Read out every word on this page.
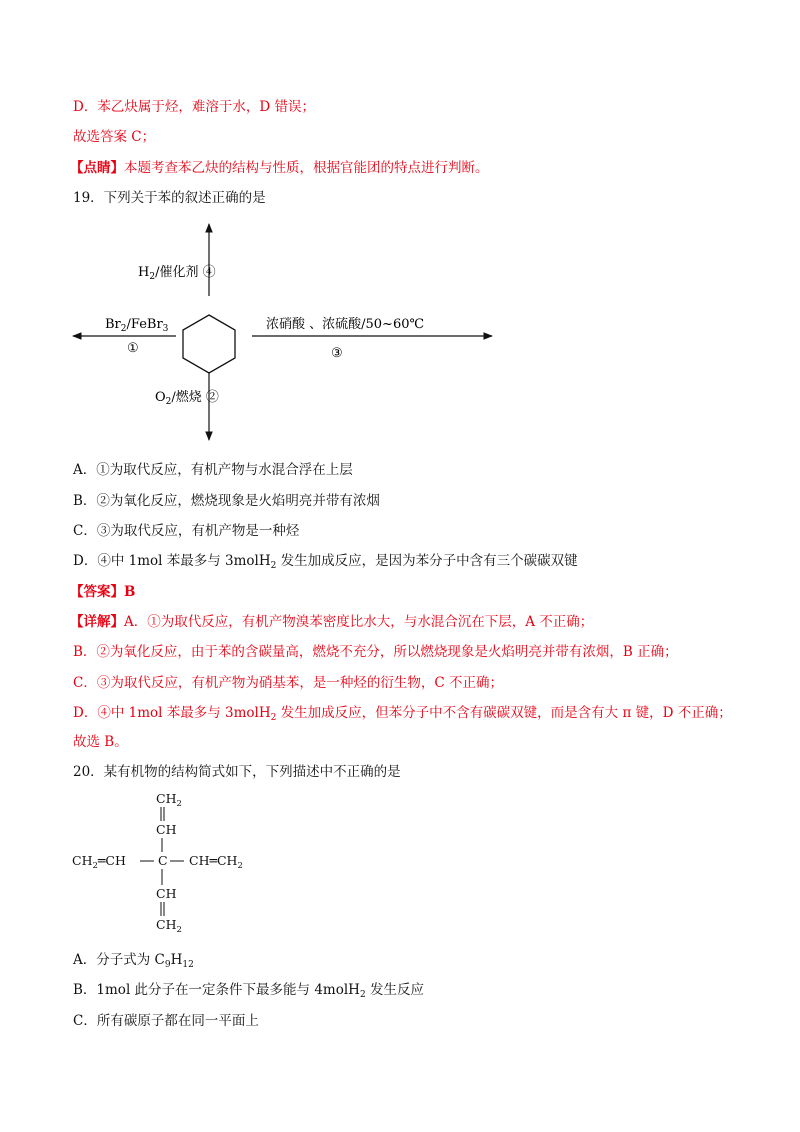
D．苯乙炔属于烃，难溶于水，D 错误；
故选答案 C；
【点睛】本题考查苯乙炔的结构与性质，根据官能团的特点进行判断。
19．下列关于苯的叙述正确的是
$H_2/$催化剂 ④
$Br_2/FeBr_3$
①
浓硝酸 、浓硫酸/50~60℃
③
$O_2/$燃烧 ②
A．①为取代反应，有机产物与水混合浮在上层
B．②为氧化反应，燃烧现象是火焰明亮并带有浓烟
C．③为取代反应，有机产物是一种烃
D．④中 1mol 苯最多与 3molH$_2$ 发生加成反应，是因为苯分子中含有三个碳碳双键
【答案】B
【详解】A．①为取代反应，有机产物溴苯密度比水大，与水混合沉在下层，A 不正确；
B．②为氧化反应，由于苯的含碳量高，燃烧不充分，所以燃烧现象是火焰明亮并带有浓烟，B 正确；
C．③为取代反应，有机产物为硝基苯，是一种烃的衍生物，C 不正确；
D．④中 1mol 苯最多与 3molH$_2$ 发生加成反应，但苯分子中不含有碳碳双键，而是含有大 π 键，D 不正确；
故选 B。
20．某有机物的结构简式如下，下列描述中不正确的是
$CH_2$
CH
$CH_2═CH$	C $CH═CH_2$
CH
$CH_2$
A．分子式为 $C_9H_{12}$
B．1mol 此分子在一定条件下最多能与 4molH$_2$ 发生反应
C．所有碳原子都在同一平面上
